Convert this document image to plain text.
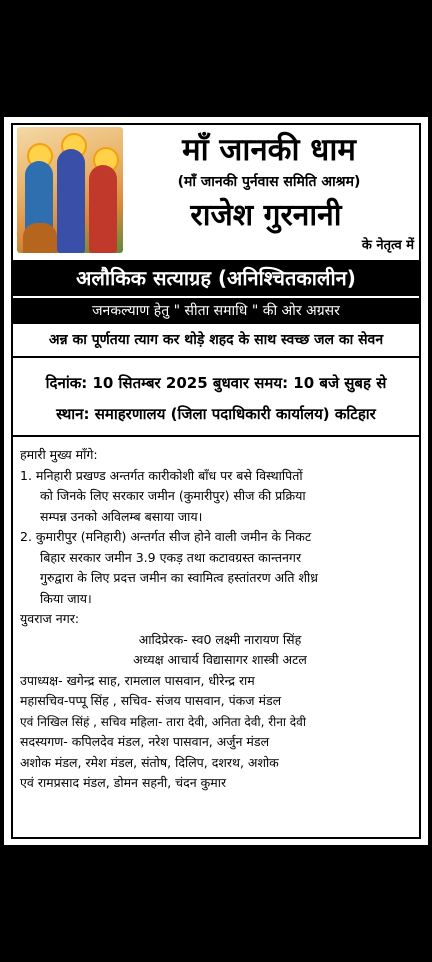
माँ जानकी धाम
(माँ जानकी पुर्नवास समिति आश्रम)
राजेश गुरनानी
के नेतृत्व में
अलौकिक सत्याग्रह (अनिश्चितकालीन)
जनकल्याण हेतु " सीता समाधि " की ओर अग्रसर
अन्न का पूर्णतया त्याग कर थोड़े शहद के साथ स्वच्छ जल का सेवन
दिनांक: 10 सितम्बर 2025 बुधवार समय: 10 बजे सुबह से
स्थान: समाहरणालय (जिला पदाधिकारी कार्यालय) कटिहार
हमारी मुख्य माँगे:
1. मनिहारी प्रखण्ड अन्तर्गत कारीकोशी बाँध पर बसे विस्थापितों
को जिनके लिए सरकार जमीन (कुमारीपुर) सीज की प्रक्रिया
सम्पन्न उनको अविलम्ब बसाया जाय।
2. कुमारीपुर (मनिहारी) अन्तर्गत सीज होने वाली जमीन के निकट
बिहार सरकार जमीन 3.9 एकड़ तथा कटावग्रस्त कान्तनगर
गुरुद्वारा के लिए प्रदत्त जमीन का स्वामित्व हस्तांतरण अति शीध्र
किया जाय।
युवराज नगर:
आदिप्रेरक- स्व0 लक्ष्मी नारायण सिंह
अध्यक्ष आचार्य विद्यासागर शास्त्री अटल
उपाध्यक्ष- खगेन्द्र साह, रामलाल पासवान, धीरेन्द्र राम
महासचिव-पप्पू सिंह , सचिव- संजय पासवान, पंकज मंडल
एवं निखिल सिंहं , सचिव महिला- तारा देवी, अनिता देवी, रीना देवी
सदस्यगण- कपिलदेव मंडल, नरेश पासवान, अर्जुन मंडल
अशोक मंडल, रमेश मंडल, संतोष, दिलिप, दशरथ, अशोक
एवं रामप्रसाद मंडल, डोमन सहनी, चंदन कुमार
